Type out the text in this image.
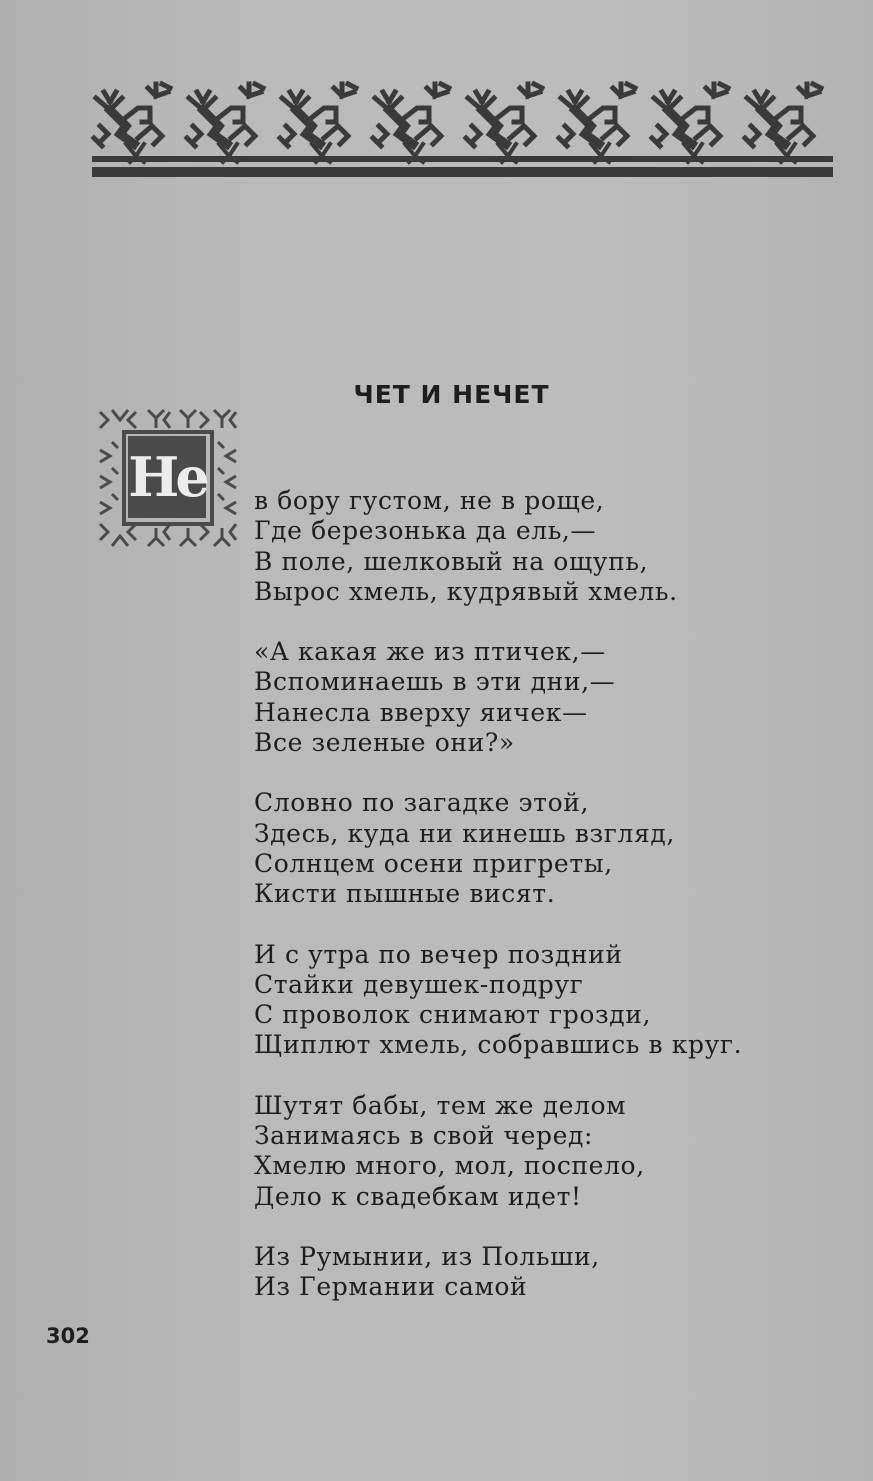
ЧЕТ И НЕЧЕТ
Не в бору густом, не в роще,
Где березонька да ель,—
В поле, шелковый на ощупь,
Вырос хмель, кудрявый хмель.
«А какая же из птичек,—
Вспоминаешь в эти дни,—
Нанесла вверху яичек—
Все зеленые они?»
Словно по загадке этой,
Здесь, куда ни кинешь взгляд,
Солнцем осени пригреты,
Кисти пышные висят.
И с утра по вечер поздний
Стайки девушек-подруг
С проволок снимают грозди,
Щиплют хмель, собравшись в круг.
Шутят бабы, тем же делом
Занимаясь в свой черед:
Хмелю много, мол, поспело,
Дело к свадебкам идет!
Из Румынии, из Польши,
Из Германии самой
302
